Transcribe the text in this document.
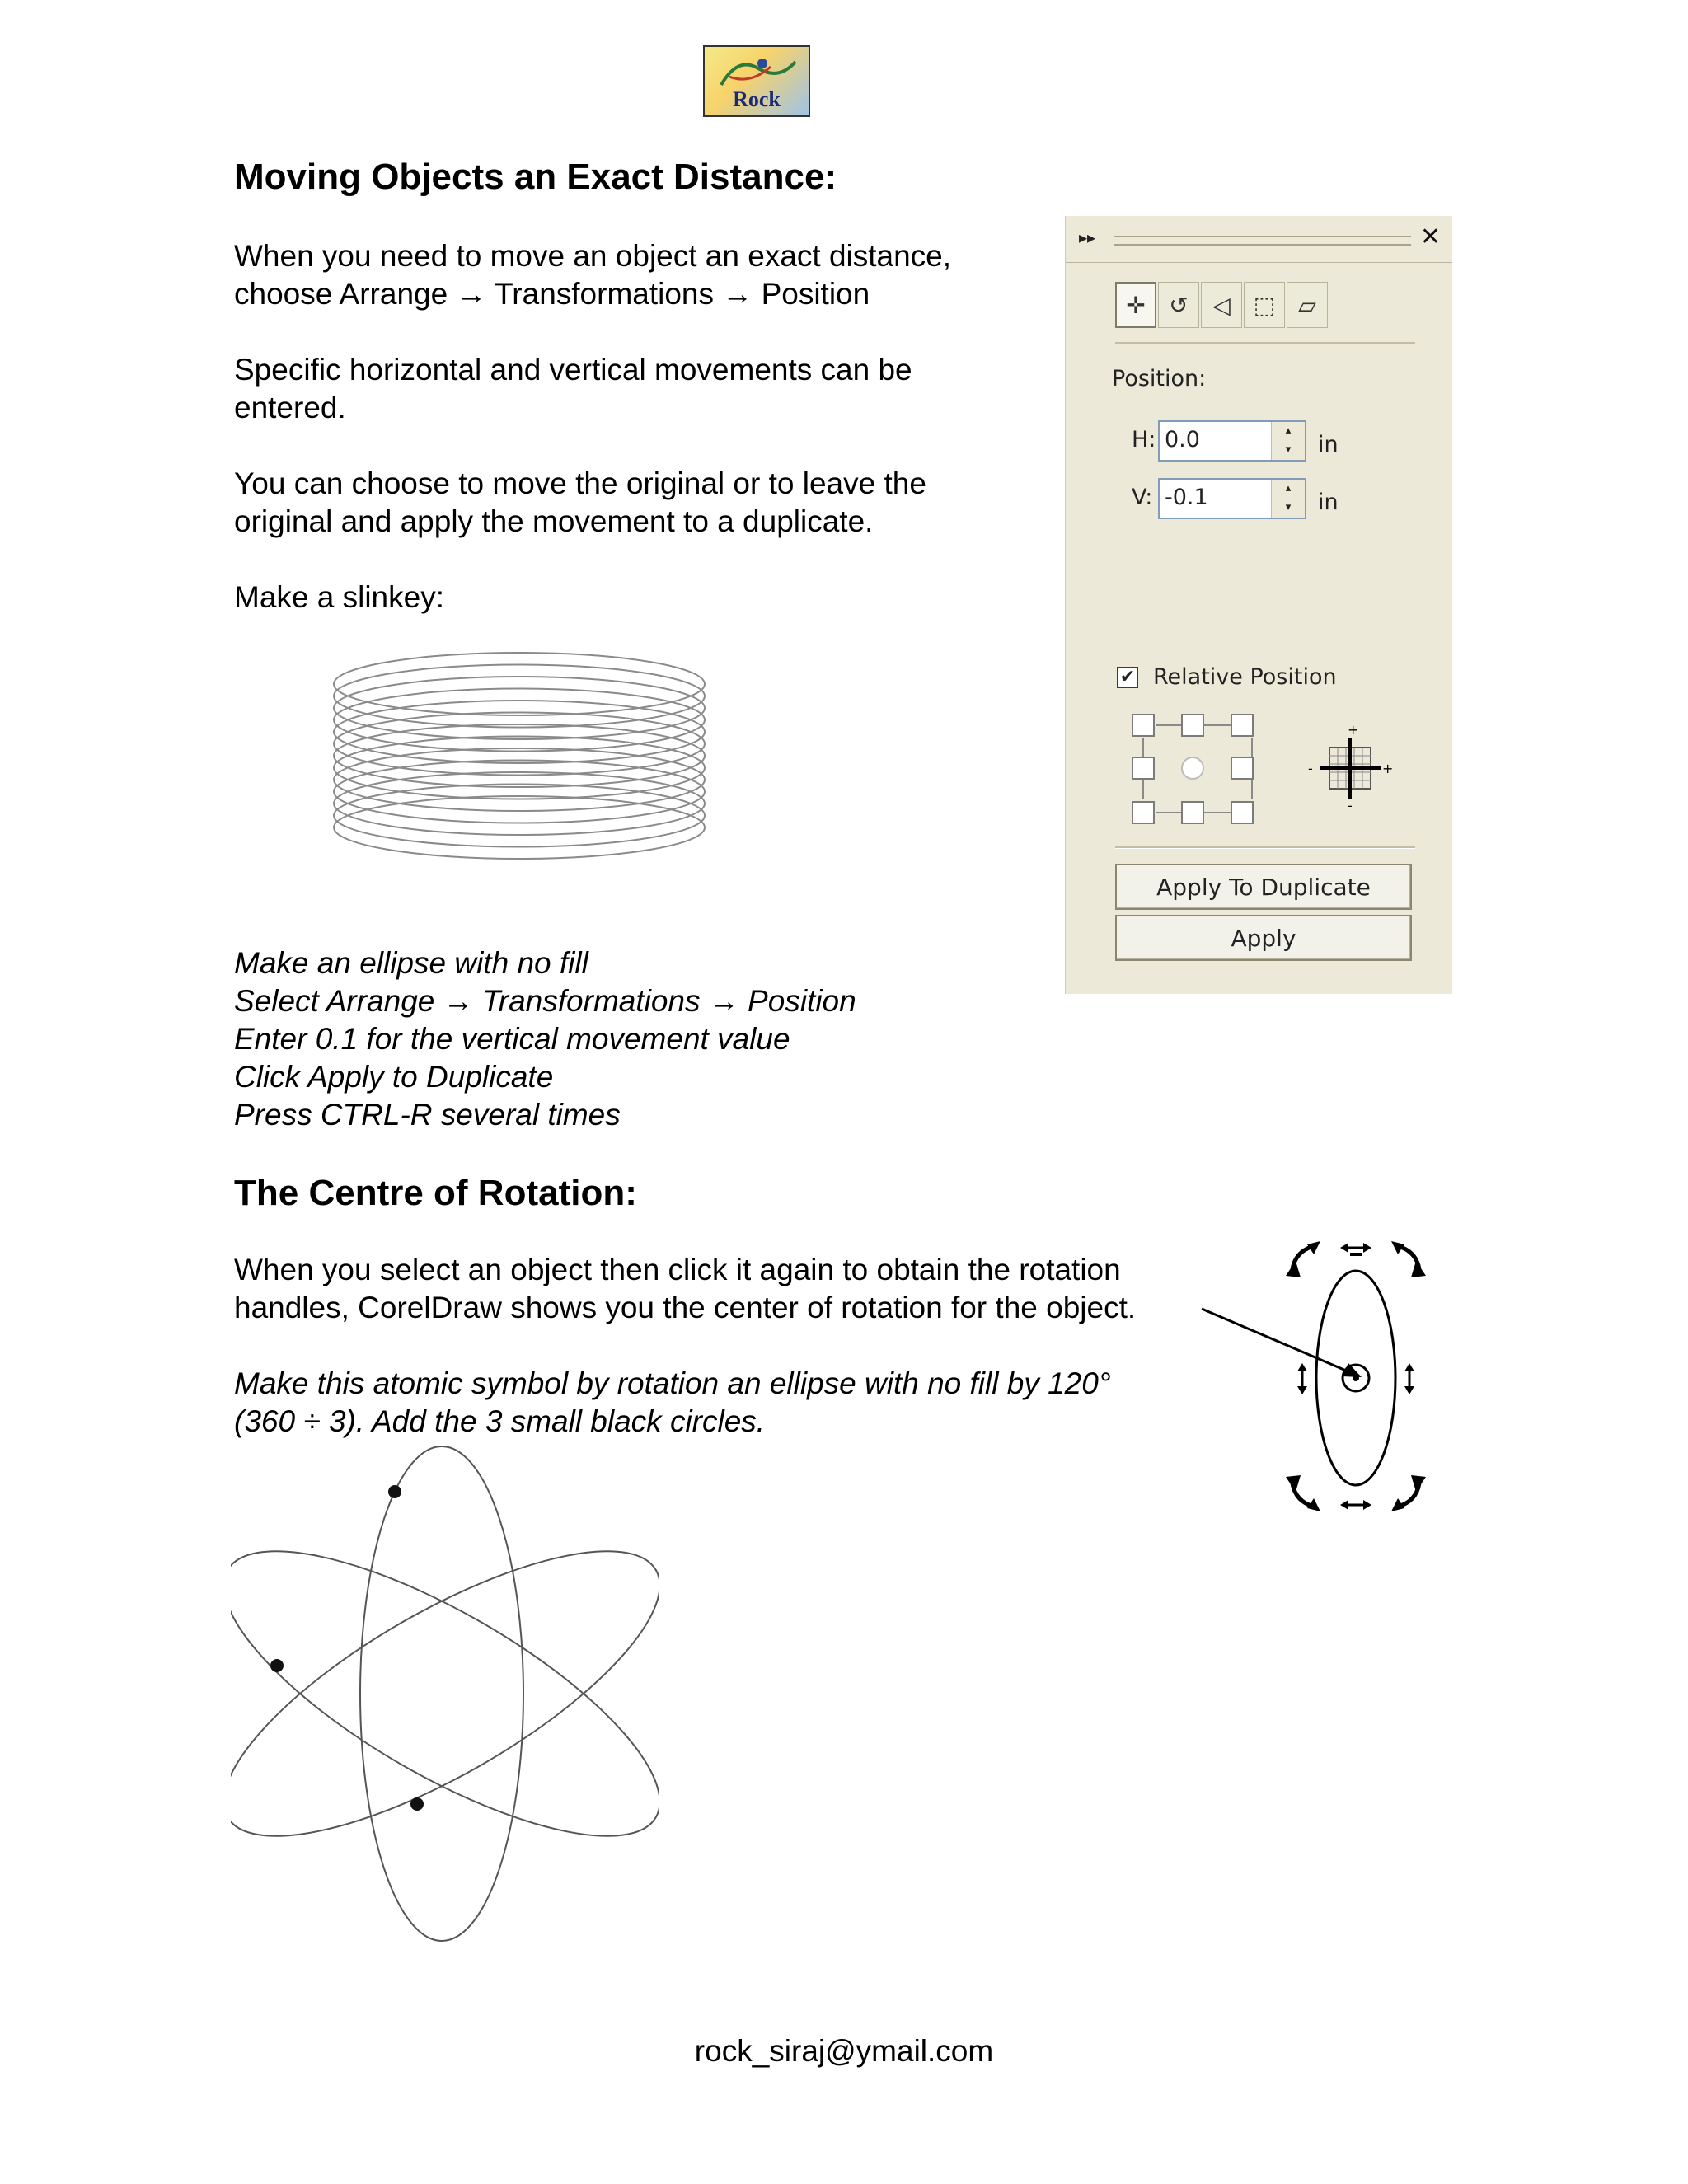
Rock
Moving Objects an Exact Distance:
When you need to move an object an exact distance,
choose Arrange → Transformations → Position
Specific horizontal and vertical movements can be
entered.
You can choose to move the original or to leave the
original and apply the movement to a duplicate.
Make a slinkey:
Make an ellipse with no fill
Select Arrange → Transformations → Position
Enter 0.1 for the vertical movement value
Click Apply to Duplicate
Press CTRL-R several times
▸▸	✕
✛ ↺ ◁ ⬚ ▱
Position:
H: 0.0	▴
▾	in
V: -0.1	▴
▾	in
✔ Relative Position
+
+
-
-
Apply To Duplicate
Apply
The Centre of Rotation:
When you select an object then click it again to obtain the rotation
handles, CorelDraw shows you the center of rotation for the object.
Make this atomic symbol by rotation an ellipse with no fill by 120°
(360 ÷ 3). Add the 3 small black circles.
rock_siraj@ymail.com
